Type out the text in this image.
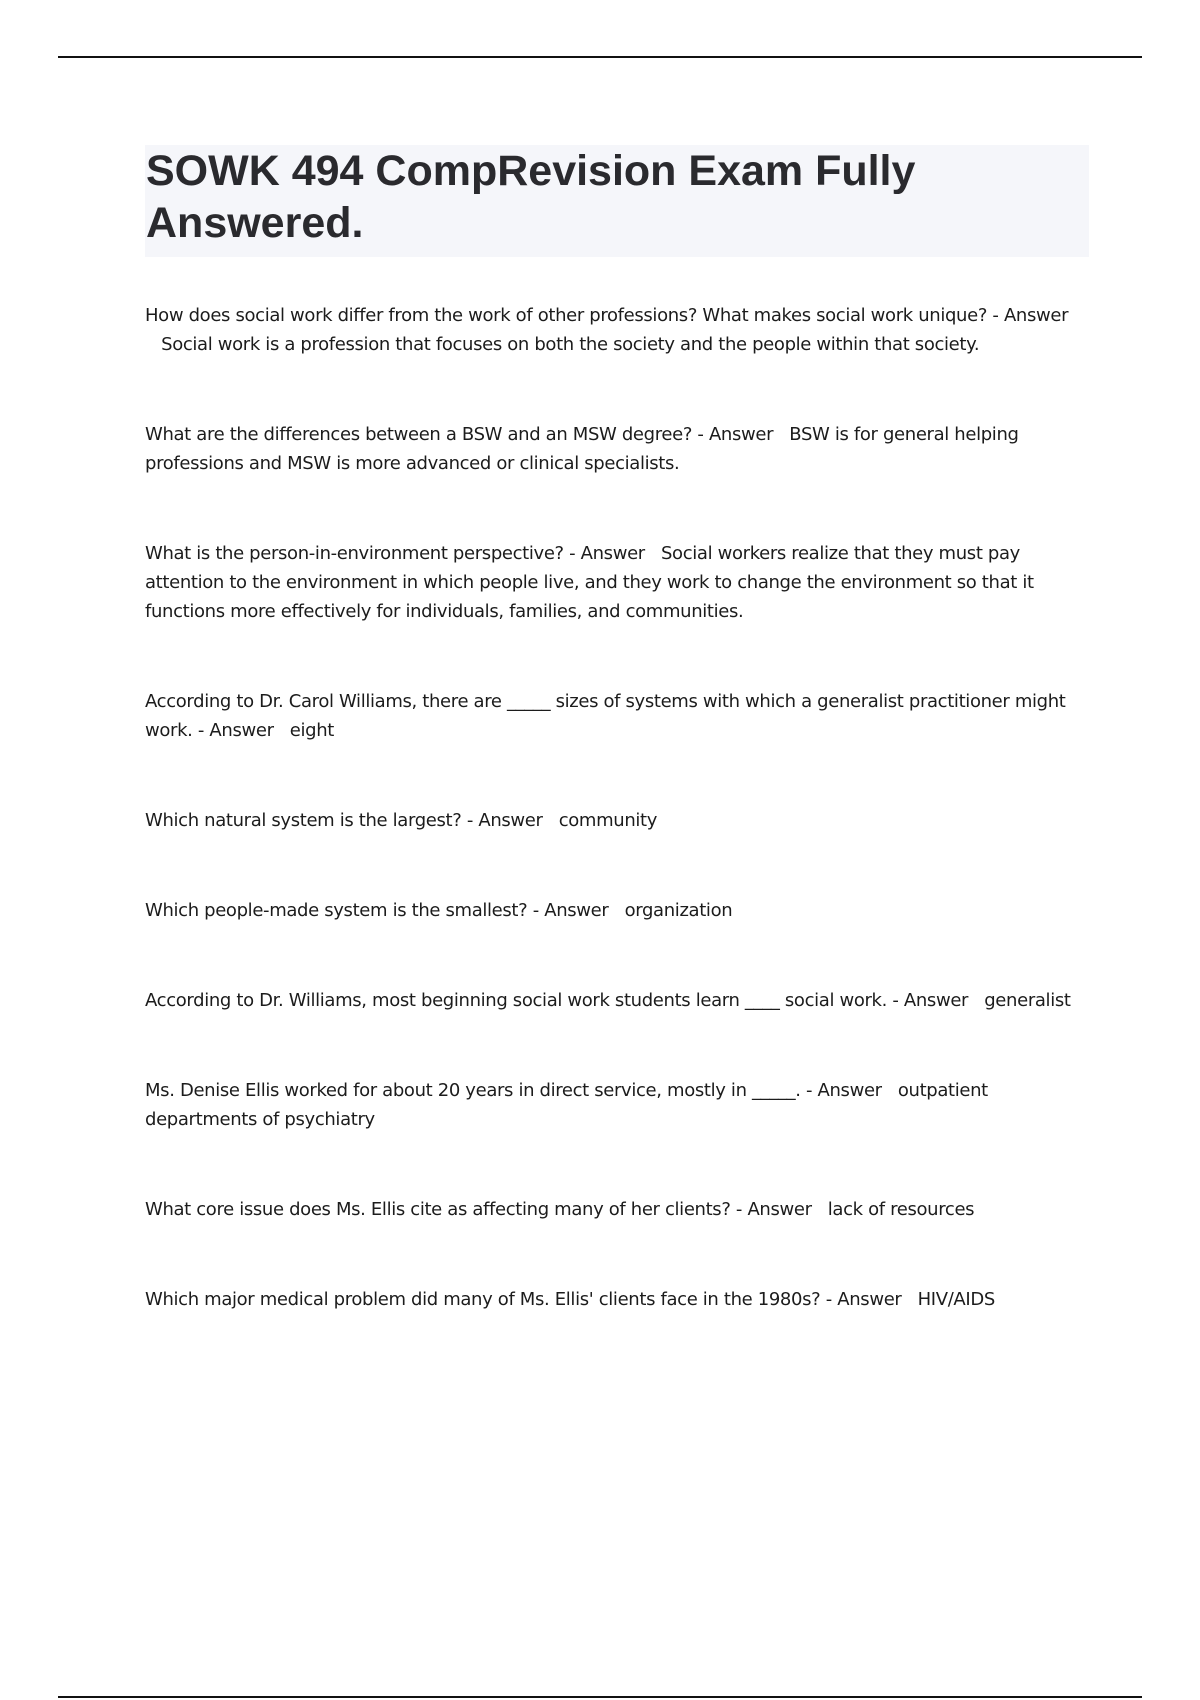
SOWK 494 CompRevision Exam Fully Answered.

How does social work differ from the work of other professions? What makes social work unique? - Answer   Social work is a profession that focuses on both the society and the people within that society.

What are the differences between a BSW and an MSW degree? - Answer BSW is for general helping professions and MSW is more advanced or clinical specialists.

What is the person-in-environment perspective? - Answer Social workers realize that they must pay attention to the environment in which people live, and they work to change the environment so that it functions more effectively for individuals, families, and communities.

According to Dr. Carol Williams, there are _____ sizes of systems with which a generalist practitioner might work. - Answer eight

Which natural system is the largest? - Answer community

Which people-made system is the smallest? - Answer organization

According to Dr. Williams, most beginning social work students learn ____ social work. - Answer generalist

Ms. Denise Ellis worked for about 20 years in direct service, mostly in _____. - Answer outpatient departments of psychiatry

What core issue does Ms. Ellis cite as affecting many of her clients? - Answer lack of resources

Which major medical problem did many of Ms. Ellis' clients face in the 1980s? - Answer HIV/AIDS
